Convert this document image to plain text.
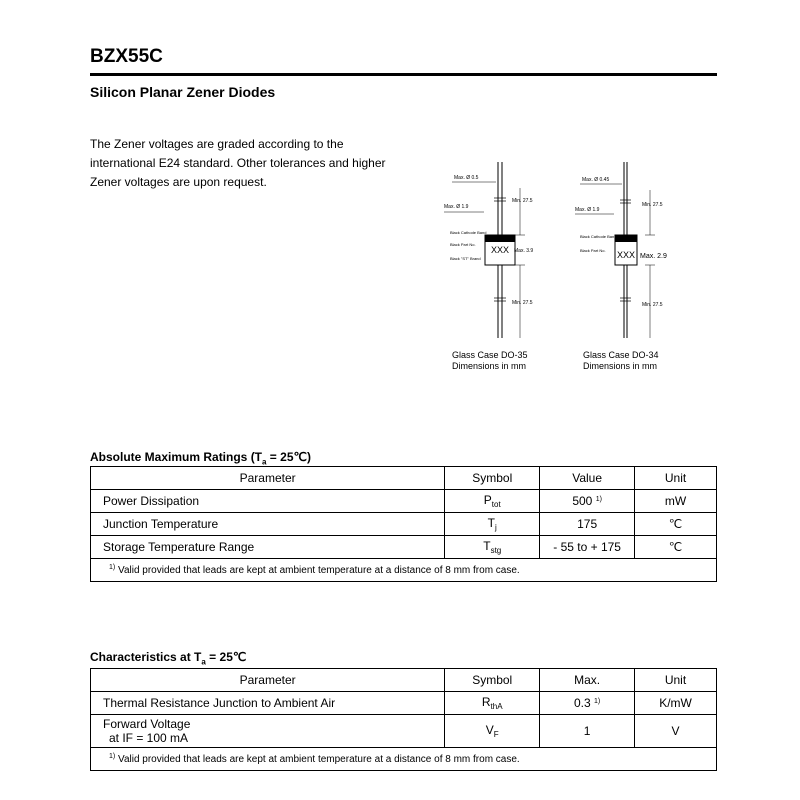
BZX55C
Silicon Planar Zener Diodes
The Zener voltages are graded according to the international E24 standard. Other tolerances and higher Zener voltages are upon request.
XXX
Max. Ø 0.5
Max. Ø 1.9
Min. 27.5
Max. 3.9
Min. 27.5
Black Cathode Band
Black Part No.
Black "ST" Brand	XXX
Max. Ø 0.45
Max. Ø 1.9
Min. 27.5
Max. 2.9
Min. 27.5
Black Cathode Band
Black Part No.
Glass Case DO-35
Dimensions in mm
Glass Case DO-34
Dimensions in mm
Absolute Maximum Ratings ($T_a$ = 25℃)
Parameter	Symbol	Value	Unit
Power Dissipation	$P_{tot}$	500 $^{1)}$	mW
Junction Temperature	$T_j$	175	℃
Storage Temperature Range	$T_{stg}$	- 55 to + 175	℃
$^{1)}$ Valid provided that leads are kept at ambient temperature at a distance of 8 mm from case.			
Characteristics at $T_a$ = 25℃
Parameter	Symbol	Max.	Unit
Thermal Resistance Junction to Ambient Air	$R_{thA}$	0.3 $^{1)}$	K/mW

Forward Voltage
at IF = 100 mA	$V_F$	1	V
$^{1)}$ Valid provided that leads are kept at ambient temperature at a distance of 8 mm from case.			
